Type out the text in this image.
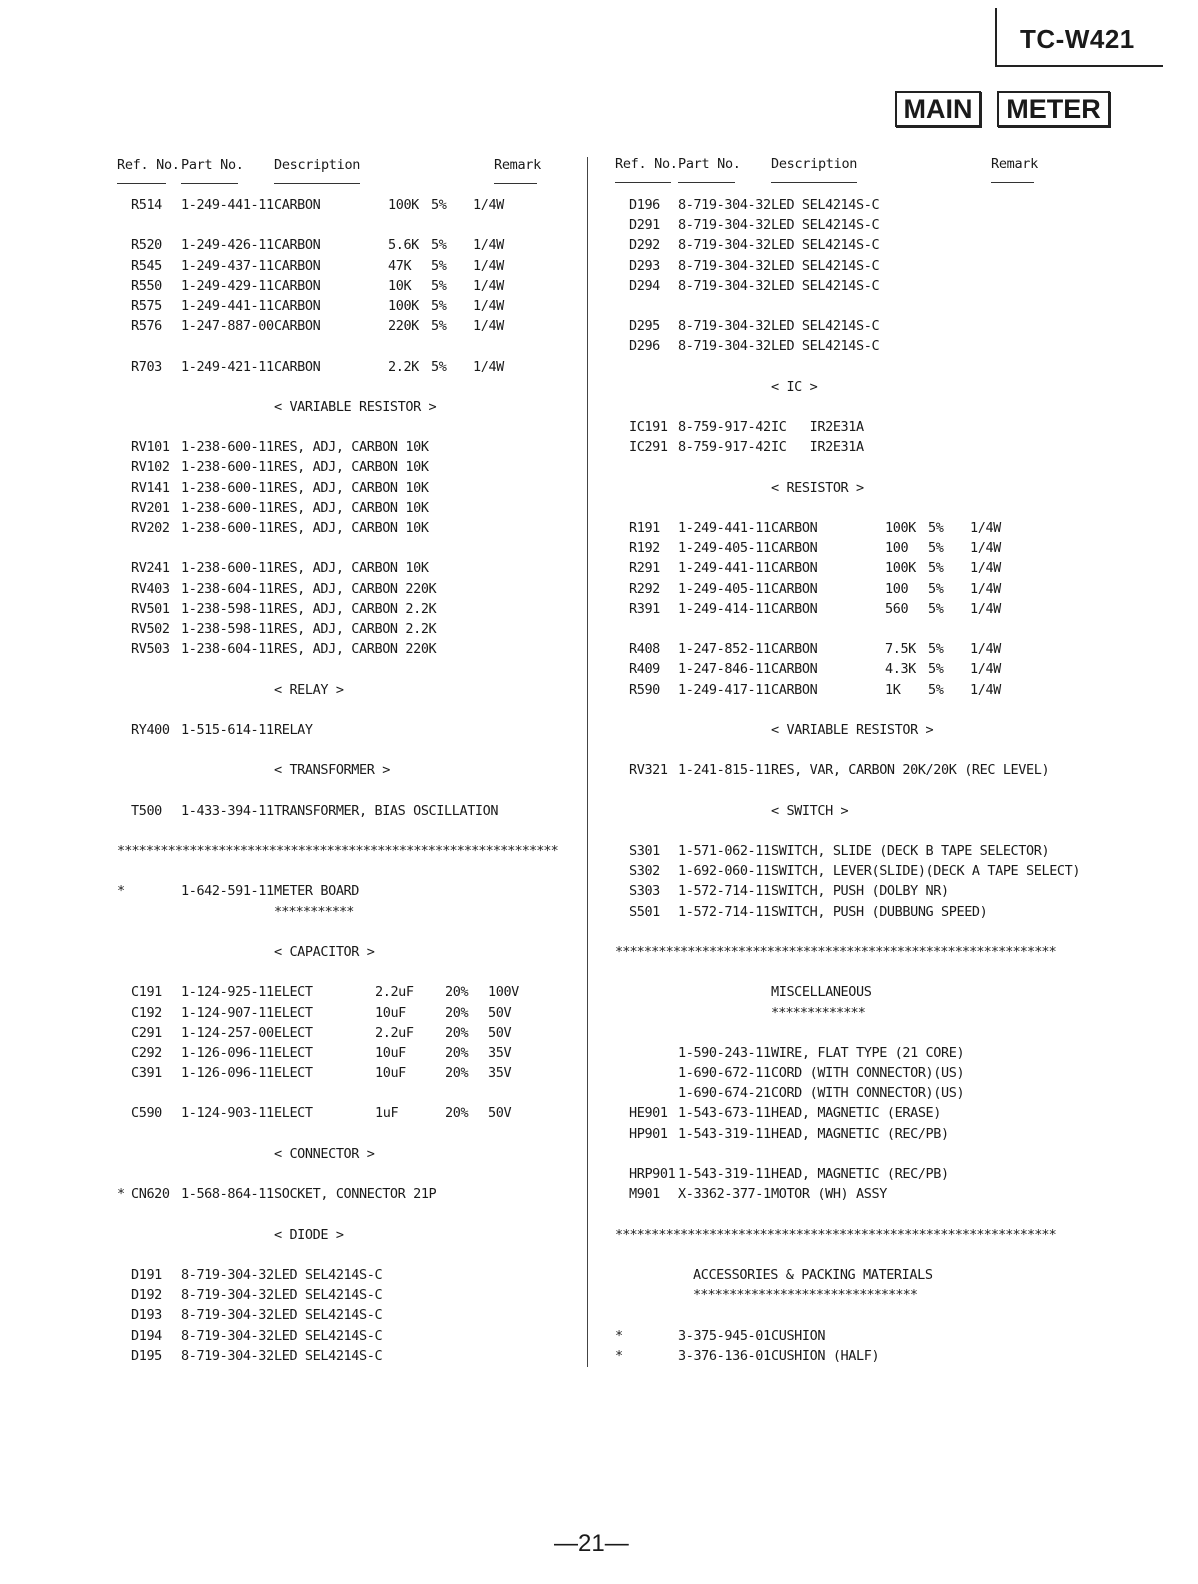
TC-W421
MAIN	METER
Ref. No. Part No. Description	Remark	Ref. No. Part No. Description	Remark
R514 1-249-441-11 CARBON	100K 5% 1/4W
R520 1-249-426-11 CARBON	5.6K 5% 1/4W
R545 1-249-437-11 CARBON	47K 5% 1/4W
R550 1-249-429-11 CARBON	10K 5% 1/4W
R575 1-249-441-11 CARBON	100K 5% 1/4W
R576 1-247-887-00 CARBON	220K 5% 1/4W
R703 1-249-421-11 CARBON	2.2K 5% 1/4W
< VARIABLE RESISTOR >
RV101 1-238-600-11 RES, ADJ, CARBON 10K
RV102 1-238-600-11 RES, ADJ, CARBON 10K
RV141 1-238-600-11 RES, ADJ, CARBON 10K
RV201 1-238-600-11 RES, ADJ, CARBON 10K
RV202 1-238-600-11 RES, ADJ, CARBON 10K
RV241 1-238-600-11 RES, ADJ, CARBON 10K
RV403 1-238-604-11 RES, ADJ, CARBON 220K
RV501 1-238-598-11 RES, ADJ, CARBON 2.2K
RV502 1-238-598-11 RES, ADJ, CARBON 2.2K
RV503 1-238-604-11 RES, ADJ, CARBON 220K
< RELAY >
RY400 1-515-614-11 RELAY
< TRANSFORMER >
T500 1-433-394-11 TRANSFORMER, BIAS OSCILLATION
*************************************************************
*	1-642-591-11 METER BOARD
***********
< CAPACITOR >
C191 1-124-925-11 ELECT	2.2uF 20% 100V
C192 1-124-907-11 ELECT	10uF	20% 50V
C291 1-124-257-00 ELECT	2.2uF 20% 50V
C292 1-126-096-11 ELECT	10uF	20% 35V
C391 1-126-096-11 ELECT	10uF	20% 35V
C590 1-124-903-11 ELECT	1uF	20% 50V
< CONNECTOR >
* CN620 1-568-864-11 SOCKET, CONNECTOR 21P
< DIODE >
D191 8-719-304-32 LED SEL4214S-C
D192 8-719-304-32 LED SEL4214S-C
D193 8-719-304-32 LED SEL4214S-C
D194 8-719-304-32 LED SEL4214S-C
D195 8-719-304-32 LED SEL4214S-C
D196 8-719-304-32 LED SEL4214S-C
D291 8-719-304-32 LED SEL4214S-C
D292 8-719-304-32 LED SEL4214S-C
D293 8-719-304-32 LED SEL4214S-C
D294 8-719-304-32 LED SEL4214S-C
D295 8-719-304-32 LED SEL4214S-C
D296 8-719-304-32 LED SEL4214S-C
< IC >
IC191 8-759-917-42 IC   IR2E31A
IC291 8-759-917-42 IC   IR2E31A
< RESISTOR >
R191 1-249-441-11 CARBON	100K 5% 1/4W
R192 1-249-405-11 CARBON	100 5% 1/4W
R291 1-249-441-11 CARBON	100K 5% 1/4W
R292 1-249-405-11 CARBON	100 5% 1/4W
R391 1-249-414-11 CARBON	560 5% 1/4W
R408 1-247-852-11 CARBON	7.5K 5% 1/4W
R409 1-247-846-11 CARBON	4.3K 5% 1/4W
R590 1-249-417-11 CARBON	1K 5% 1/4W
< VARIABLE RESISTOR >
RV321 1-241-815-11 RES, VAR, CARBON 20K/20K (REC LEVEL)
< SWITCH >
S301 1-571-062-11 SWITCH, SLIDE (DECK B TAPE SELECTOR)
S302 1-692-060-11 SWITCH, LEVER(SLIDE)(DECK A TAPE SELECT)
S303 1-572-714-11 SWITCH, PUSH (DOLBY NR)
S501 1-572-714-11 SWITCH, PUSH (DUBBUNG SPEED)
*************************************************************
MISCELLANEOUS
*************
1-590-243-11 WIRE, FLAT TYPE (21 CORE)
1-690-672-11 CORD (WITH CONNECTOR)(US)
1-690-674-21 CORD (WITH CONNECTOR)(US)
HE901 1-543-673-11 HEAD, MAGNETIC (ERASE)
HP901 1-543-319-11 HEAD, MAGNETIC (REC/PB)
HRP901 1-543-319-11 HEAD, MAGNETIC (REC/PB)
M901 X-3362-377-1 MOTOR (WH) ASSY
*************************************************************
ACCESSORIES & PACKING MATERIALS
*******************************
*	3-375-945-01 CUSHION
*	3-376-136-01 CUSHION (HALF)
—21—
